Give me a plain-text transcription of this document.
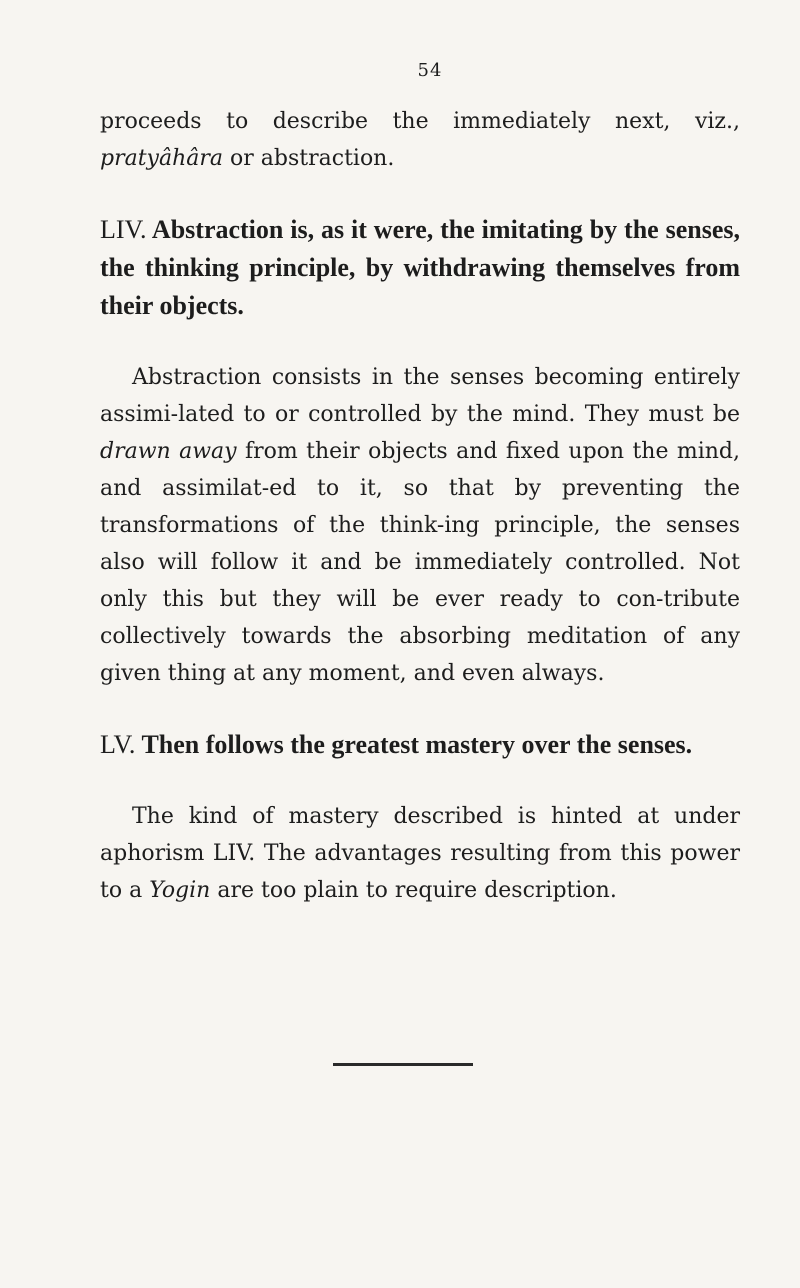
54

proceeds to describe the immediately next, viz., pratyâhâra or abstraction.

LIV. Abstraction is, as it were, the imitating by the senses, the thinking principle, by withdrawing themselves from their objects.

Abstraction consists in the senses becoming entirely assimi-lated to or controlled by the mind. They must be drawn away from their objects and fixed upon the mind, and assimilat-ed to it, so that by preventing the transformations of the think-ing principle, the senses also will follow it and be immediately controlled. Not only this but they will be ever ready to con-tribute collectively towards the absorbing meditation of any given thing at any moment, and even always.

LV. Then follows the greatest mastery over the senses.

The kind of mastery described is hinted at under aphorism LIV. The advantages resulting from this power to a Yogin are too plain to require description.
